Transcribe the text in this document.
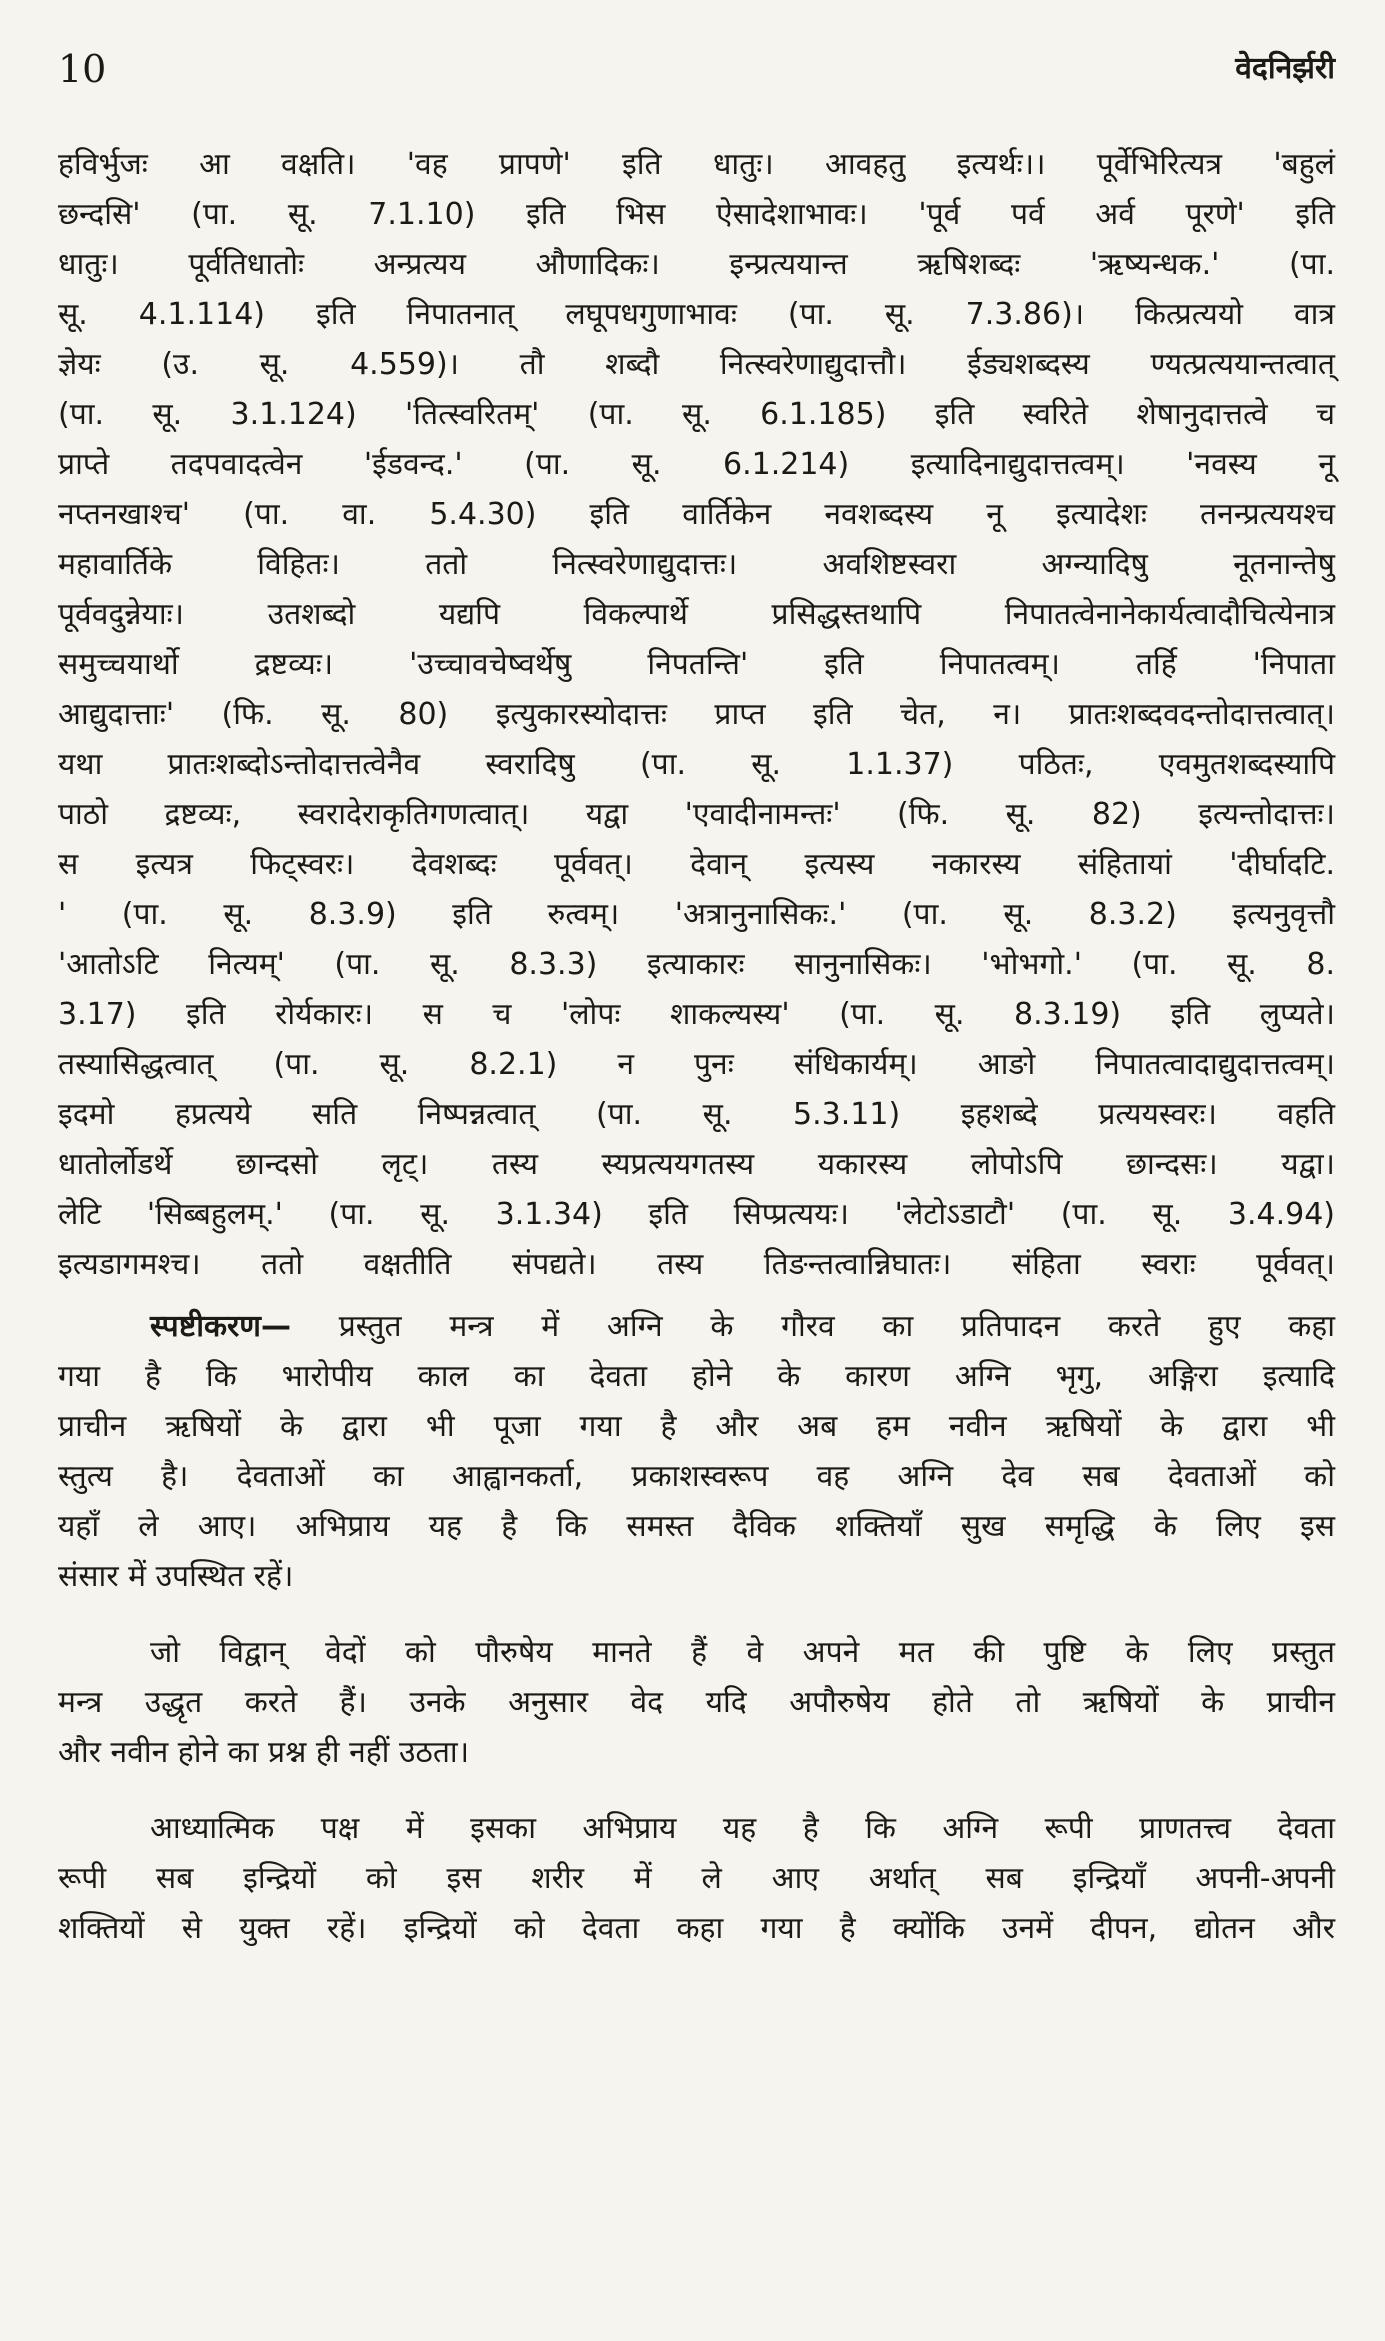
10	वेदनिर्झरी
हविर्भुजः आ वक्षति। 'वह प्रापणे' इति धातुः। आवहतु इत्यर्थः।। पूर्वेभिरित्यत्र 'बहुलं
छन्दसि' (पा. सू. 7.1.10) इति भिस ऐसादेशाभावः। 'पूर्व पर्व अर्व पूरणे' इति
धातुः। पूर्वतिधातोः अन्प्रत्यय औणादिकः। इन्प्रत्ययान्त ऋषिशब्दः 'ऋष्यन्धक.' (पा.
सू. 4.1.114) इति निपातनात् लघूपधगुणाभावः (पा. सू. 7.3.86)। कित्प्रत्ययो वात्र
ज्ञेयः (उ. सू. 4.559)। तौ शब्दौ नित्स्वरेणाद्युदात्तौ। ईड्यशब्दस्य ण्यत्प्रत्ययान्तत्वात्
(पा. सू. 3.1.124) 'तित्स्वरितम्' (पा. सू. 6.1.185) इति स्वरिते शेषानुदात्तत्वे च
प्राप्ते तदपवादत्वेन 'ईडवन्द.' (पा. सू. 6.1.214) इत्यादिनाद्युदात्तत्वम्। 'नवस्य नू
नप्तनखाश्च' (पा. वा. 5.4.30) इति वार्तिकेन नवशब्दस्य नू इत्यादेशः तनन्प्रत्ययश्च
महावार्तिके विहितः। ततो नित्स्वरेणाद्युदात्तः। अवशिष्टस्वरा अग्न्यादिषु नूतनान्तेषु
पूर्ववदुन्नेयाः। उतशब्दो यद्यपि विकल्पार्थे प्रसिद्धस्तथापि निपातत्वेनानेकार्यत्वादौचित्येनात्र
समुच्चयार्थो द्रष्टव्यः। 'उच्चावचेष्वर्थेषु निपतन्ति' इति निपातत्वम्। तर्हि 'निपाता
आद्युदात्ताः' (फि. सू. 80) इत्युकारस्योदात्तः प्राप्त इति चेत, न। प्रातःशब्दवदन्तोदात्तत्वात्।
यथा प्रातःशब्दोऽन्तोदात्तत्वेनैव स्वरादिषु (पा. सू. 1.1.37) पठितः, एवमुतशब्दस्यापि
पाठो द्रष्टव्यः, स्वरादेराकृतिगणत्वात्। यद्वा 'एवादीनामन्तः' (फि. सू. 82) इत्यन्तोदात्तः।
स इत्यत्र फिट्स्वरः। देवशब्दः पूर्ववत्। देवान् इत्यस्य नकारस्य संहितायां 'दीर्घादटि.
' (पा. सू. 8.3.9) इति रुत्वम्। 'अत्रानुनासिकः.' (पा. सू. 8.3.2) इत्यनुवृत्तौ
'आतोऽटि नित्यम्' (पा. सू. 8.3.3) इत्याकारः सानुनासिकः। 'भोभगो.' (पा. सू. 8.
3.17) इति रोर्यकारः। स च 'लोपः शाकल्यस्य' (पा. सू. 8.3.19) इति लुप्यते।
तस्यासिद्धत्वात् (पा. सू. 8.2.1) न पुनः संधिकार्यम्। आङो निपातत्वादाद्युदात्तत्वम्।
इदमो हप्रत्यये सति निष्पन्नत्वात् (पा. सू. 5.3.11) इहशब्दे प्रत्ययस्वरः। वहति
धातोर्लोडर्थे छान्दसो लृट्। तस्य स्यप्रत्ययगतस्य यकारस्य लोपोऽपि छान्दसः। यद्वा।
लेटि 'सिब्बहुलम्.' (पा. सू. 3.1.34) इति सिप्प्रत्ययः। 'लेटोऽडाटौ' (पा. सू. 3.4.94)
इत्यडागमश्च। ततो वक्षतीति संपद्यते। तस्य तिङन्तत्वान्निघातः। संहिता स्वराः पूर्ववत्।
स्पष्टीकरण— प्रस्तुत मन्त्र में अग्नि के गौरव का प्रतिपादन करते हुए कहा
गया है कि भारोपीय काल का देवता होने के कारण अग्नि भृगु, अङ्गिरा इत्यादि
प्राचीन ऋषियों के द्वारा भी पूजा गया है और अब हम नवीन ऋषियों के द्वारा भी
स्तुत्य है। देवताओं का आह्वानकर्ता, प्रकाशस्वरूप वह अग्नि देव सब देवताओं को
यहाँ ले आए। अभिप्राय यह है कि समस्त दैविक शक्तियाँ सुख समृद्धि के लिए इस
संसार में उपस्थित रहें।
जो विद्वान् वेदों को पौरुषेय मानते हैं वे अपने मत की पुष्टि के लिए प्रस्तुत
मन्त्र उद्धृत करते हैं। उनके अनुसार वेद यदि अपौरुषेय होते तो ऋषियों के प्राचीन
और नवीन होने का प्रश्न ही नहीं उठता।
आध्यात्मिक पक्ष में इसका अभिप्राय यह है कि अग्नि रूपी प्राणतत्त्व देवता
रूपी सब इन्द्रियों को इस शरीर में ले आए अर्थात् सब इन्द्रियाँ अपनी-अपनी
शक्तियों से युक्त रहें। इन्द्रियों को देवता कहा गया है क्योंकि उनमें दीपन, द्योतन और
